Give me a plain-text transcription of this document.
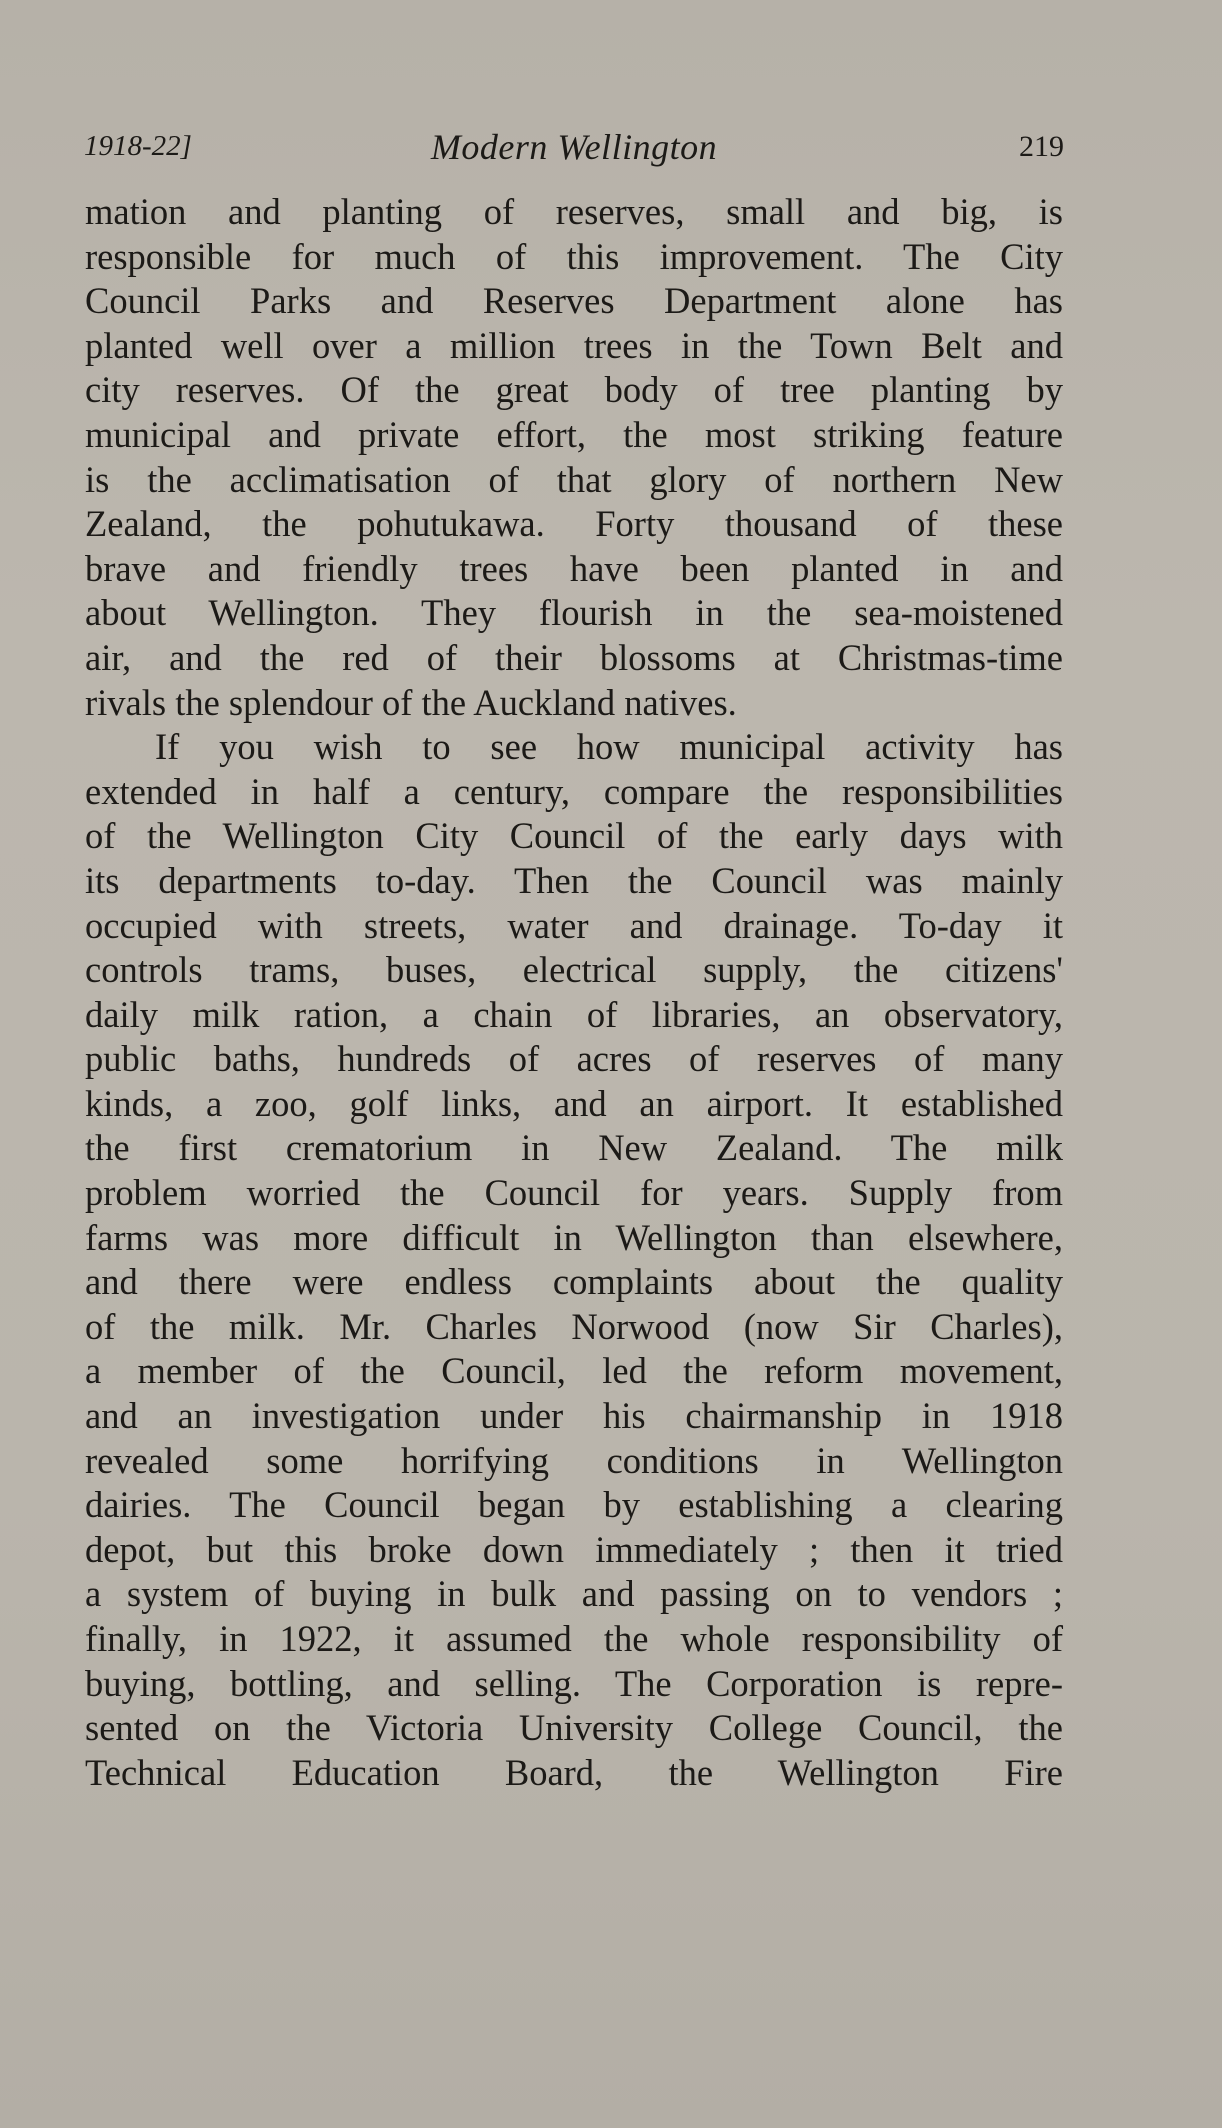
1918-22]	Modern Wellington	219

mation and planting of reserves, small and big, is
responsible for much of this improvement. The City
Council Parks and Reserves Department alone has
planted well over a million trees in the Town Belt and
city reserves. Of the great body of tree planting by
municipal and private effort, the most striking feature
is the acclimatisation of that glory of northern New
Zealand, the pohutukawa. Forty thousand of these
brave and friendly trees have been planted in and
about Wellington. They flourish in the sea-moistened
air, and the red of their blossoms at Christmas-time
rivals the splendour of the Auckland natives.

If you wish to see how municipal activity has
extended in half a century, compare the responsibilities
of the Wellington City Council of the early days with
its departments to-day. Then the Council was mainly
occupied with streets, water and drainage. To-day it
controls trams, buses, electrical supply, the citizens'
daily milk ration, a chain of libraries, an observatory,
public baths, hundreds of acres of reserves of many
kinds, a zoo, golf links, and an airport. It established
the first crematorium in New Zealand. The milk
problem worried the Council for years. Supply from
farms was more difficult in Wellington than elsewhere,
and there were endless complaints about the quality
of the milk. Mr. Charles Norwood (now Sir Charles),
a member of the Council, led the reform movement,
and an investigation under his chairmanship in 1918
revealed some horrifying conditions in Wellington
dairies. The Council began by establishing a clearing
depot, but this broke down immediately ; then it tried
a system of buying in bulk and passing on to vendors ;
finally, in 1922, it assumed the whole responsibility of
buying, bottling, and selling. The Corporation is repre-
sented on the Victoria University College Council, the
Technical Education Board, the Wellington Fire
